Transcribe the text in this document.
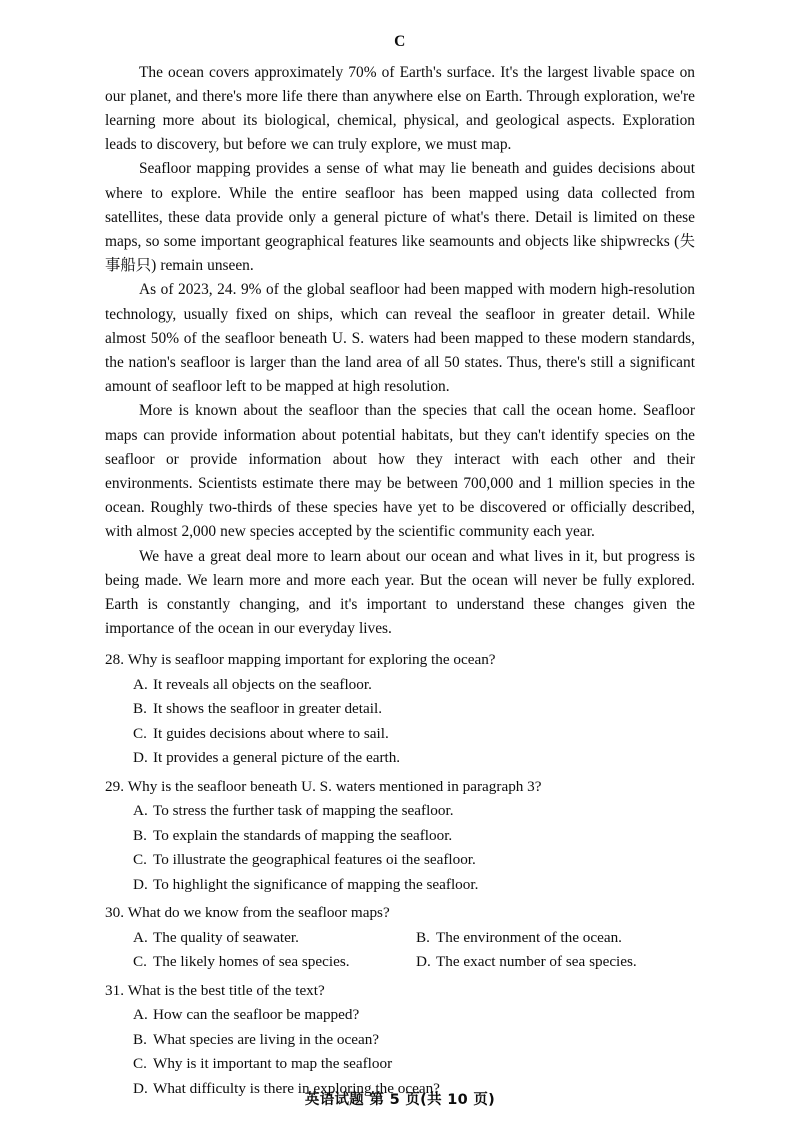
C

The ocean covers approximately 70% of Earth's surface. It's the largest livable space on our planet, and there's more life there than anywhere else on Earth. Through exploration, we're learning more about its biological, chemical, physical, and geological aspects. Exploration leads to discovery, but before we can truly explore, we must map.

Seafloor mapping provides a sense of what may lie beneath and guides decisions about where to explore. While the entire seafloor has been mapped using data collected from satellites, these data provide only a general picture of what's there. Detail is limited on these maps, so some important geographical features like seamounts and objects like shipwrecks (失事船只) remain unseen.

As of 2023, 24. 9% of the global seafloor had been mapped with modern high-resolution technology, usually fixed on ships, which can reveal the seafloor in greater detail. While almost 50% of the seafloor beneath U. S. waters had been mapped to these modern standards, the nation's seafloor is larger than the land area of all 50 states. Thus, there's still a significant amount of seafloor left to be mapped at high resolution.

More is known about the seafloor than the species that call the ocean home. Seafloor maps can provide information about potential habitats, but they can't identify species on the seafloor or provide information about how they interact with each other and their environments. Scientists estimate there may be between 700,000 and 1 million species in the ocean. Roughly two-thirds of these species have yet to be discovered or officially described, with almost 2,000 new species accepted by the scientific community each year.

We have a great deal more to learn about our ocean and what lives in it, but progress is being made. We learn more and more each year. But the ocean will never be fully explored. Earth is constantly changing, and it's important to understand these changes given the importance of the ocean in our everyday lives.

28. Why is seafloor mapping important for exploring the ocean?
A. It reveals all objects on the seafloor.
B. It shows the seafloor in greater detail.
C. It guides decisions about where to sail.
D. It provides a general picture of the earth.
29. Why is the seafloor beneath U. S. waters mentioned in paragraph 3?
A. To stress the further task of mapping the seafloor.
B. To explain the standards of mapping the seafloor.
C. To illustrate the geographical features oi the seafloor.
D. To highlight the significance of mapping the seafloor.
30. What do we know from the seafloor maps?
A. The quality of seawater.	B. The environment of the ocean.
C. The likely homes of sea species.	D. The exact number of sea species.
31. What is the best title of the text?
A. How can the seafloor be mapped?
B. What species are living in the ocean?
C. Why is it important to map the seafloor
D. What difficulty is there in exploring the ocean?
英语试题 第 5 页(共 10 页)
